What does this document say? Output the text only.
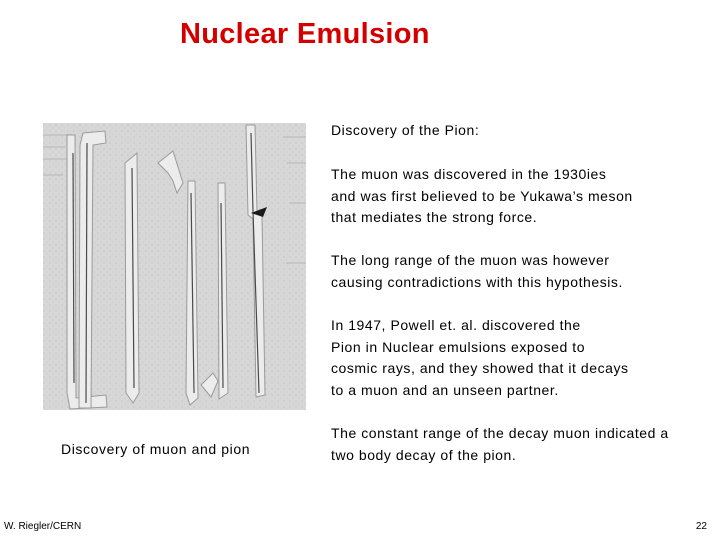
Nuclear Emulsion
Discovery of muon and pion
Discovery of the Pion:
The muon was discovered in the 1930ies
and was first believed to be Yukawa’s meson
that mediates the strong force.
The long range of the muon was however
causing contradictions with this hypothesis.
In 1947, Powell et. al. discovered the
Pion in Nuclear emulsions exposed to
cosmic rays, and they showed that it decays
to a muon and an unseen partner.
The constant range of the decay muon indicated a
two body decay of the pion.
W. Riegler/CERN	22
